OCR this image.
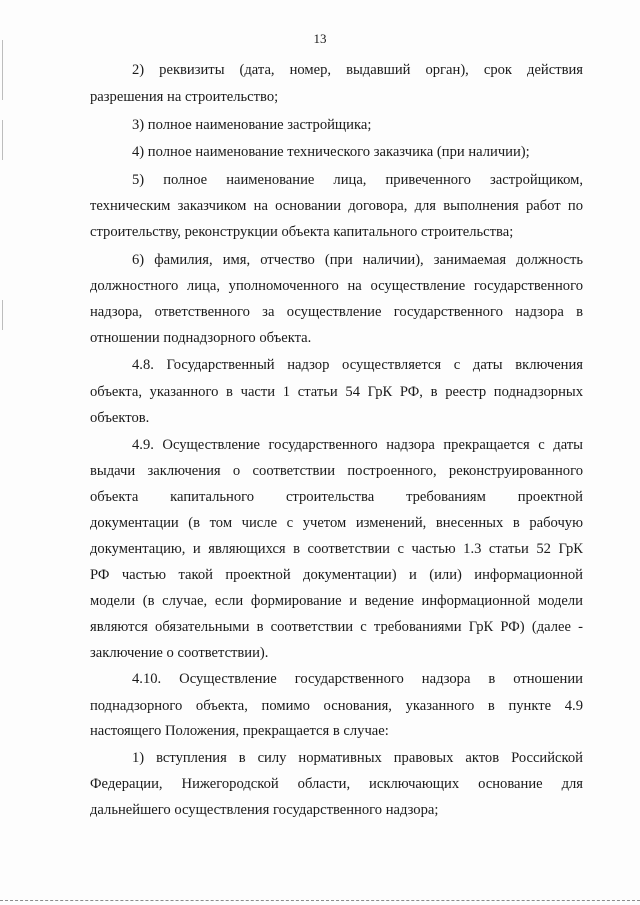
13
2) реквизиты (дата, номер, выдавший орган), срок действия
разрешения на строительство;
3) полное наименование застройщика;
4) полное наименование технического заказчика (при наличии);
5) полное наименование лица, привеченного застройщиком,
техническим заказчиком на основании договора, для выполнения работ по
строительству, реконструкции объекта капитального строительства;
6) фамилия, имя, отчество (при наличии), занимаемая должность
должностного лица, уполномоченного на осуществление государственного
надзора, ответственного за осуществление государственного надзора в
отношении поднадзорного объекта.
4.8. Государственный надзор осуществляется с даты включения
объекта, указанного в части 1 статьи 54 ГрК РФ, в реестр поднадзорных
объектов.
4.9. Осуществление государственного надзора прекращается с даты
выдачи заключения о соответствии построенного, реконструированного
объекта капитального строительства требованиям проектной
документации (в том числе с учетом изменений, внесенных в рабочую
документацию, и являющихся в соответствии с частью 1.3 статьи 52 ГрК
РФ частью такой проектной документации) и (или) информационной
модели (в случае, если формирование и ведение информационной модели
являются обязательными в соответствии с требованиями ГрК РФ) (далее -
заключение о соответствии).
4.10. Осуществление государственного надзора в отношении
поднадзорного объекта, помимо основания, указанного в пункте 4.9
настоящего Положения, прекращается в случае:
1) вступления в силу нормативных правовых актов Российской
Федерации, Нижегородской области, исключающих основание для
дальнейшего осуществления государственного надзора;
